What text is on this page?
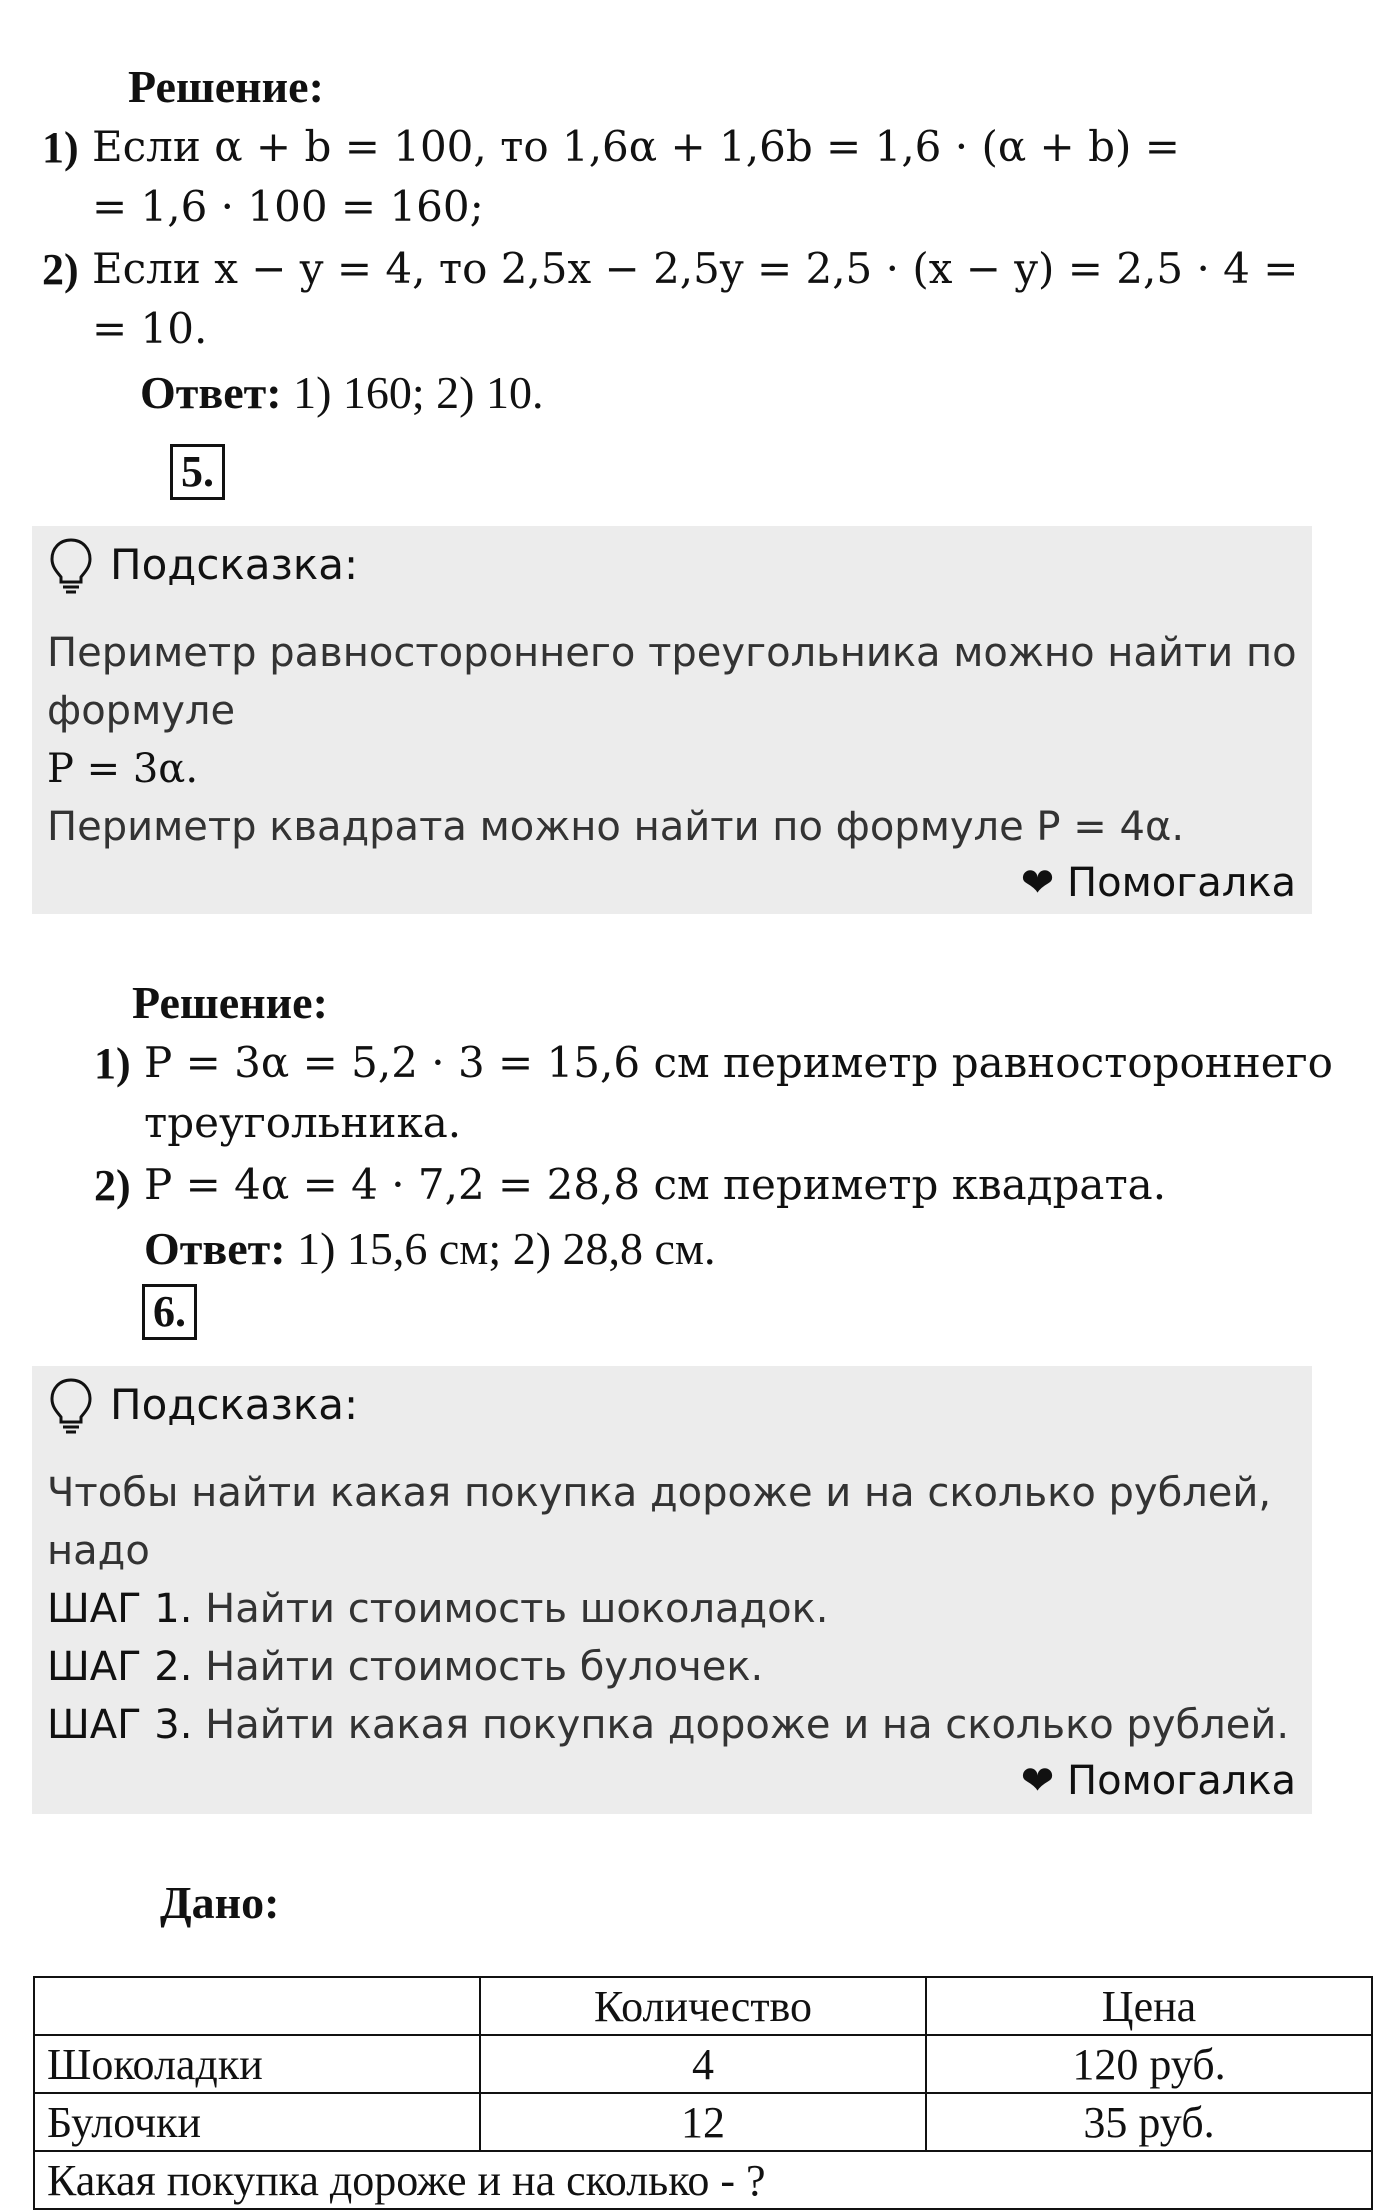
Решение:
1) Если α + b = 100, то 1,6α + 1,6b = 1,6 · (α + b) =
= 1,6 · 100 = 160;
2) Если x − y = 4, то 2,5x − 2,5y = 2,5 · (x − y) = 2,5 · 4 =
= 10.
Ответ: 1) 160; 2) 10.
5.
Подсказка:
Периметр равностороннего треугольника можно найти по
формуле
P = 3α.
Периметр квадрата можно найти по формуле P = 4α.
❤ Помогалка
Решение:
1) P = 3α = 5,2 · 3 = 15,6 см периметр равностороннего
треугольника.
2) P = 4α = 4 · 7,2 = 28,8 см периметр квадрата.
Ответ: 1) 15,6 см; 2) 28,8 см.
6.
Подсказка:
Чтобы найти какая покупка дороже и на сколько рублей,
надо
ШАГ 1. Найти стоимость шоколадок.
ШАГ 2. Найти стоимость булочек.
ШАГ 3. Найти какая покупка дороже и на сколько рублей.
❤ Помогалка
Дано:
	Количество	Цена
Шоколадки	4	120 руб.
Булочки	12	35 руб.
Какая покупка дороже и на сколько - ?		
